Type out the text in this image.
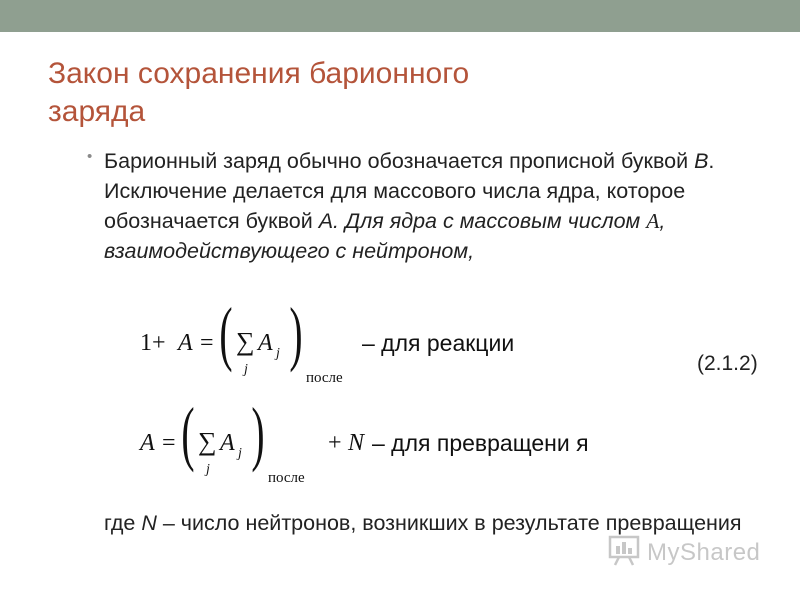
Закон сохранения барионного
заряда
• Барионный заряд обычно обозначается прописной буквой B. Исключение делается для массового числа ядра, которое обозначается буквой A. Для ядра с массовым числом A, взаимодействующего с нейтроном,
1+ A = ( ∑
j
A j )
после
– для реакции
(2.1.2)
A = ( ∑
j
A j )
после
+ N – для превращени я
где N – число нейтронов, возникших в результате превращения
MyShared
